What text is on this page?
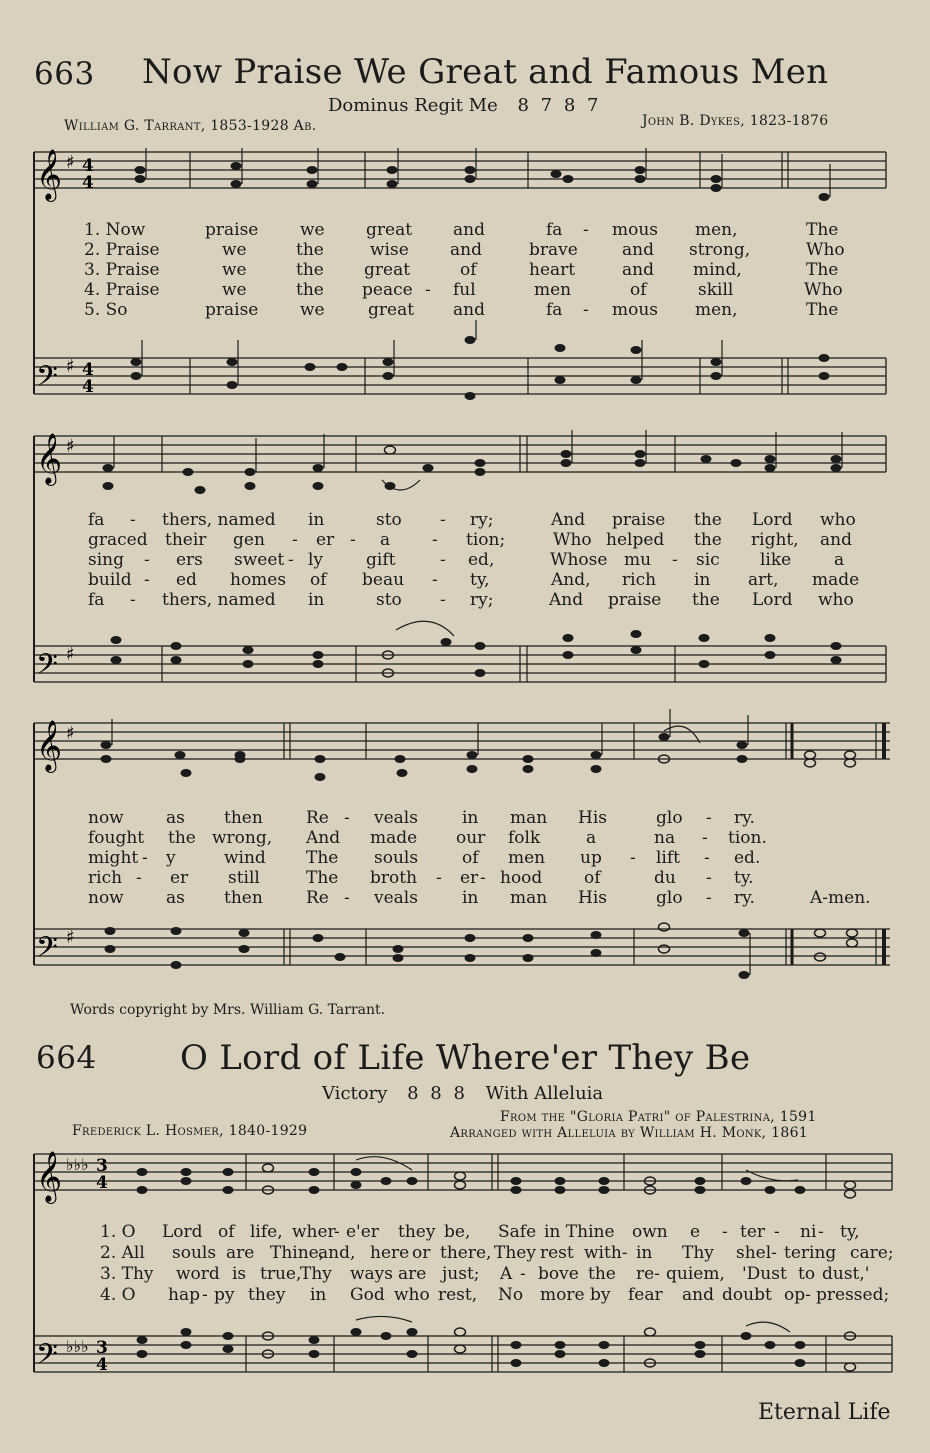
663 Now Praise We Great and Famous Men
Dominus Regit Me 8 7 8 7
William G. Tarrant, 1853-1928 Ab.	John B. Dykes, 1823-1876
𝄞 ♯ 4
4
𝄢 ♯ 4
4
1. Now	praise we great and	fa - mous men,	The
2. Praise	we	the	wise and	brave	and strong,	Who
3. Praise	we	the great	of	heart	and mind,	The
4. Praise	we	the peace - ful	men	of	skill	Who
5. So	praise we	great and	fa - mous men,	The
𝄞 ♯
𝄢 ♯
fa - thers, named in	sto - ry;	And praise the Lord who
graced their gen - er - a - tion;	Who helped the right, and
sing - ers sweet - ly	gift	- ed,	Whose mu - sic like	a
build - ed homes of beau - ty,	And, rich in art, made
fa - thers, named in	sto - ry;	And praise the Lord who
𝄞 ♯
𝄢 ♯
now as then	Re - veals	in man His	glo - ry.
fought the wrong, And made our folk	a	na - tion.
might - y	wind The souls	of men up - lift - ed.
rich - er still	The broth - er - hood of	du - ty.
now as then	Re - veals	in man His	glo - ry.	A-men.
Words copyright by Mrs. William G. Tarrant.
664 O Lord of Life Where'er They Be
Victory 8 8 8 With Alleluia
From the "Gloria Patri" of Palestrina, 1591
Frederick L. Hosmer, 1840-1929	Arranged with Alleluia by William H. Monk, 1861
𝄞 ♭♭♭ 3
4
𝄢 ♭♭♭ 3
4
1. O Lord of life, wher
- e'er they be, Safe in Thine own e - ter - ni - ty,
2. All souls are Thine,
and, here or there, They rest with- in Thy shel- tering care;
3. Thy word is true,
Thy ways are just; A - bove the re- quiem, 'Dust to dust,'
4. O hap - py they in God who rest, No more by fear and doubt op- pressed;
Eternal Life
